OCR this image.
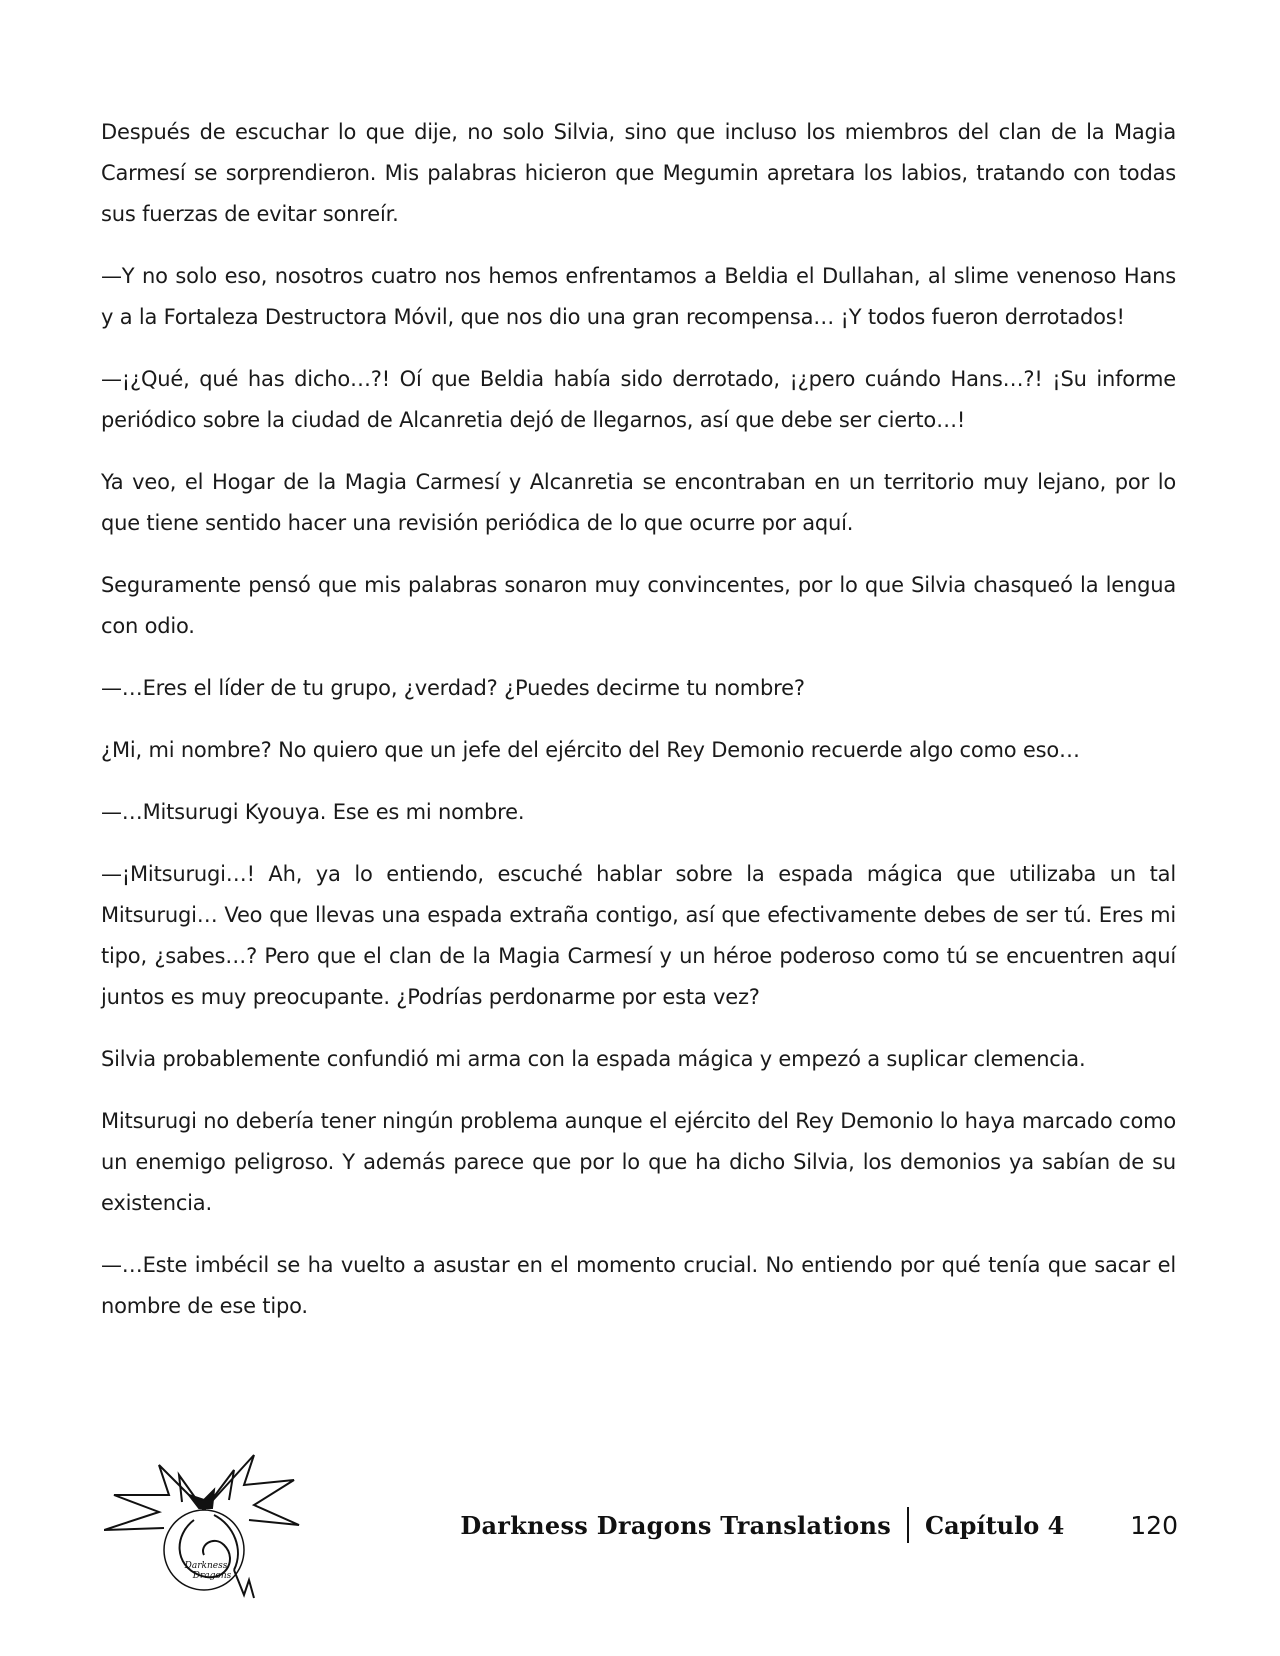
Después de escuchar lo que dije, no solo Silvia, sino que incluso los miembros del clan de la Magia Carmesí se sorprendieron. Mis palabras hicieron que Megumin apretara los labios, tratando con todas sus fuerzas de evitar sonreír.

—Y no solo eso, nosotros cuatro nos hemos enfrentamos a Beldia el Dullahan, al slime venenoso Hans y a la Fortaleza Destructora Móvil, que nos dio una gran recompensa… ¡Y todos fueron derrotados!

—¡¿Qué, qué has dicho…?! Oí que Beldia había sido derrotado, ¡¿pero cuándo Hans…?! ¡Su informe periódico sobre la ciudad de Alcanretia dejó de llegarnos, así que debe ser cierto…!

Ya veo, el Hogar de la Magia Carmesí y Alcanretia se encontraban en un territorio muy lejano, por lo que tiene sentido hacer una revisión periódica de lo que ocurre por aquí.

Seguramente pensó que mis palabras sonaron muy convincentes, por lo que Silvia chasqueó la lengua con odio.

—…Eres el líder de tu grupo, ¿verdad? ¿Puedes decirme tu nombre?

¿Mi, mi nombre? No quiero que un jefe del ejército del Rey Demonio recuerde algo como eso…

—…Mitsurugi Kyouya. Ese es mi nombre.

—¡Mitsurugi…! Ah, ya lo entiendo, escuché hablar sobre la espada mágica que utilizaba un tal Mitsurugi… Veo que llevas una espada extraña contigo, así que efectivamente debes de ser tú. Eres mi tipo, ¿sabes…? Pero que el clan de la Magia Carmesí y un héroe poderoso como tú se encuentren aquí juntos es muy preocupante. ¿Podrías perdonarme por esta vez?

Silvia probablemente confundió mi arma con la espada mágica y empezó a suplicar clemencia.

Mitsurugi no debería tener ningún problema aunque el ejército del Rey Demonio lo haya marcado como un enemigo peligroso. Y además parece que por lo que ha dicho Silvia, los demonios ya sabían de su existencia.

—…Este imbécil se ha vuelto a asustar en el momento crucial. No entiendo por qué tenía que sacar el nombre de ese tipo.

Darkness
Dragons
Darkness Dragons Translations Capítulo 4	120
